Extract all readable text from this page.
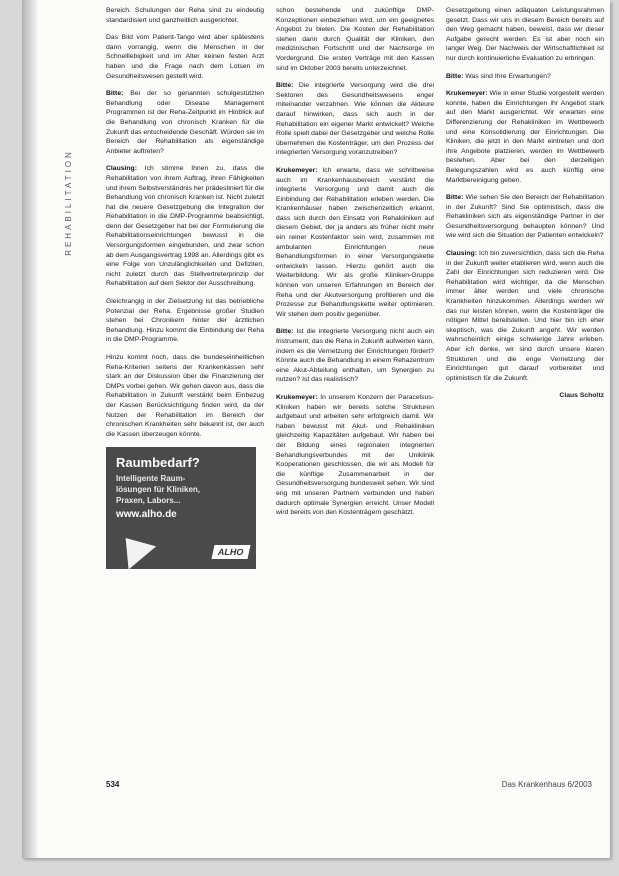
REHABILITATION

Bereich. Schulungen der Reha sind zu eindeutig standardisiert und ganzheitlich ausgerichtet.

Das Bild vom Patient-Tango wird aber spätestens dann vorrangig, wenn die Menschen in der Schnelllebigkeit und im Alter keinen festen Arzt haben und die Frage nach dem Lotsen im Gesundheitswesen gestellt wird.

Bitte: Bei der so genannten schulgestützten Behandlung oder Disease Management Programmen ist der Reha-Zeitpunkt im Hinblick auf die Behandlung von chronisch Kranken für die Zukunft das entscheidende Geschäft. Würden sie im Bereich der Rehabilitation als eigenständige Anbieter auftreten?

Clausing: Ich stimme Ihnen zu, dass die Rehabilitation von ihrem Auftrag, ihren Fähigkeiten und ihrem Selbstverständnis her prädestiniert für die Behandlung von chronisch Kranken ist. Nicht zuletzt hat die neuere Gesetzgebung die Integration der Rehabilitation in die DMP-Programme beabsichtigt, denn der Gesetzgeber hat bei der Formulierung die Rehabilitationseinrichtungen bewusst in die Versorgungsformen eingebunden, und zwar schon ab dem Ausgangsvertrag 1998 an. Allerdings gibt es eine Folge von Unzulänglichkeiten und Defiziten, nicht zuletzt durch das Stellvertreterprinzip der Rehabilitation auf dem Sektor der Ausschreibung.

Gleichrangig in der Zielsetzung ist das betriebliche Potenzial der Reha. Ergebnisse großer Studien stehen bei Chronikern hinter der ärztlichen Behandlung. Hinzu kommt die Einbindung der Reha in die DMP-Programme.

Hinzu kommt noch, dass die bundeseinheitlichen Reha-Kriterien seitens der Krankenkassen sehr stark an der Diskussion über die Finanzierung der DMPs vorbei gehen. Wir gehen davon aus, dass die Rehabilitation in Zukunft verstärkt beim Einbezug der Kassen Berücksichtigung finden wird, da der Nutzen der Rehabilitation im Bereich der chronischen Krankheiten sehr bekannt ist, der auch die Kassen überzeugen könnte.

Raumbedarf?
Intelligente Raum-
lösungen für Kliniken,
Praxen, Labors...
www.alho.de
ALHO

schon bestehende und zukünftige DMP-Konzeptionen einbeziehen wird, um ein geeignetes Angebot zu bieten. Die Kosten der Rehabilitation stehen dann durch Qualität der Kliniken, den medizinischen Fortschritt und der Nachsorge im Vordergrund. Die ersten Verträge mit den Kassen sind im Oktober 2003 bereits unterzeichnet.

Bitte: Die integrierte Versorgung wird die drei Sektoren des Gesundheitswesens enger miteinander verzahnen. Wie können die Akteure darauf hinwirken, dass sich auch in der Rehabilitation ein eigener Markt entwickelt? Welche Rolle spielt dabei der Gesetzgeber und welche Rolle übernehmen die Kostenträger, um den Prozess der integrierten Versorgung voranzutreiben?

Krukemeyer: Ich erwarte, dass wir schrittweise auch im Krankenhausbereich verstärkt die integrierte Versorgung und damit auch die Einbindung der Rehabilitation erleben werden. Die Krankenhäuser haben zwischenzeitlich erkannt, dass sich durch den Einsatz von Rehakliniken auf diesem Gebiet, der ja anders als früher nicht mehr ein reiner Kostenfaktor sein wird, zusammen mit ambulanten Einrichtungen neue Behandlungsformen in einer Versorgungskette entwickeln lassen. Hierzu gehört auch die Weiterbildung. Wir als große Kliniken-Gruppe können von unseren Erfahrungen im Bereich der Reha und der Akutversorgung profitieren und die Prozesse zur Behandlungskette weiter optimieren. Wir stehen dem positiv gegenüber.

Bitte: Ist die integrierte Versorgung nicht auch ein Instrument, das die Reha in Zukunft aufwerten kann, indem es die Vernetzung der Einrichtungen fördert? Könnte auch die Behandlung in einem Rehazentrum eine Akut-Abteilung enthalten, um Synergien zu nutzen? Ist das realistisch?

Krukemeyer: In unserem Konzern der Paracelsus-Kliniken haben wir bereits solche Strukturen aufgebaut und arbeiten sehr erfolgreich damit. Wir haben bewusst mit Akut- und Rehakliniken gleichzeitig Kapazitäten aufgebaut. Wir haben bei der Bildung eines regionalen integrierten Behandlungsverbundes mit der Uniklinik Kooperationen geschlossen, die wir als Modell für die künftige Zusammenarbeit in der Gesundheitsversorgung bundesweit sehen. Wir sind eng mit unseren Partnern verbunden und haben dadurch optimale Synergien erreicht. Unser Modell wird bereits von den Kostenträgern geschätzt.

Gesetzgebung einen adäquaten Leistungsrahmen gesetzt. Dass wir uns in diesem Bereich bereits auf den Weg gemacht haben, beweist, dass wir dieser Aufgabe gerecht werden. Es ist aber noch ein langer Weg. Der Nachweis der Wirtschaftlichkeit ist nur durch kontinuierliche Evaluation zu erbringen.

Bitte: Was sind Ihre Erwartungen?

Krukemeyer: Wie in einer Studie vorgestellt werden konnte, haben die Einrichtungen ihr Angebot stark auf den Markt ausgerichtet. Wir erwarten eine Differenzierung der Rehakliniken im Wettbewerb und eine Konsolidierung der Einrichtungen. Die Kliniken, die jetzt in den Markt eintreten und dort ihre Angebote platzieren, werden im Wettbewerb bestehen. Aber bei den derzeitigen Belegungszahlen wird es auch künftig eine Marktbereinigung geben.

Bitte: Wie sehen Sie den Bereich der Rehabilitation in der Zukunft? Sind Sie optimistisch, dass die Rehakliniken sich als eigenständige Partner in der Gesundheitsversorgung behaupten können? Und wie wird sich die Situation der Patienten entwickeln?

Clausing: Ich bin zuversichtlich, dass sich die Reha in der Zukunft weiter etablieren wird, wenn auch die Zahl der Einrichtungen sich reduzieren wird. Die Rehabilitation wird wichtiger, da die Menschen immer älter werden und viele chronische Krankheiten hinzukommen. Allerdings werden wir das nur leisten können, wenn die Kostenträger die nötigen Mittel bereitstellen. Und hier bin ich eher skeptisch, was die Zukunft angeht. Wir werden wahrscheinlich einige schwierige Jahre erleben. Aber ich denke, wir sind durch unsere klaren Strukturen und die enge Vernetzung der Einrichtungen gut darauf vorbereitet und optimistisch für die Zukunft.

Claus Scholtz

534	Das Krankenhaus 6/2003
